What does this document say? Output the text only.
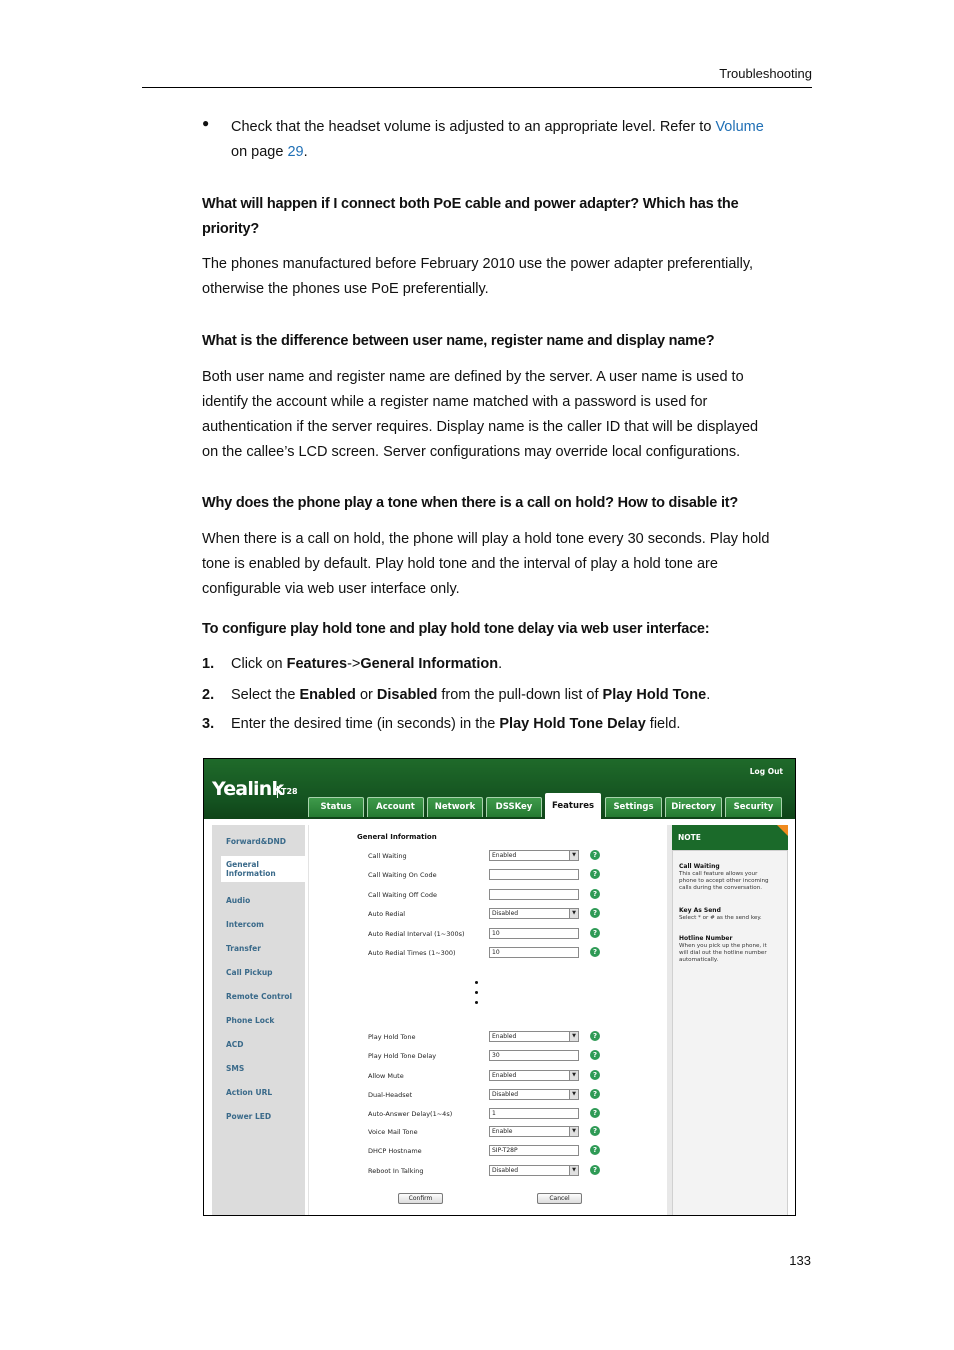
Troubleshooting
● Check that the headset volume is adjusted to an appropriate level. Refer to Volume
on page 29.
What will happen if I connect both PoE cable and power adapter? Which has the
priority?
The phones manufactured before February 2010 use the power adapter preferentially,
otherwise the phones use PoE preferentially.
What is the difference between user name, register name and display name?
Both user name and register name are defined by the server. A user name is used to
identify the account while a register name matched with a password is used for
authentication if the server requires. Display name is the caller ID that will be displayed
on the callee’s LCD screen. Server configurations may override local configurations.
Why does the phone play a tone when there is a call on hold? How to disable it?
When there is a call on hold, the phone will play a hold tone every 30 seconds. Play hold
tone is enabled by default. Play hold tone and the interval of play a hold tone are
configurable via web user interface only.
To configure play hold tone and play hold tone delay via web user interface:
1. Click on Features->General Information.
2. Select the Enabled or Disabled from the pull-down list of Play Hold Tone.
3. Enter the desired time (in seconds) in the Play Hold Tone Delay field.
Yealink
T28
Log Out
Status	Account	Network	DSSKey	Features	Settings	Directory	Security
Forward&DND
General
Information
Audio
Intercom
Transfer
Call Pickup
Remote Control
Phone Lock
ACD
SMS
Action URL
Power LED
General Information
Call Waiting	Enabled	▼	?
Call Waiting On Code	?
Call Waiting Off Code	?
Auto Redial	Disabled	▼	?
Auto Redial Interval (1~300s)	10	?
Auto Redial Times (1~300)	10	?
Play Hold Tone	Enabled	▼	?
Play Hold Tone Delay	30	?
Allow Mute	Enabled	▼	?
Dual-Headset	Disabled	▼	?
Auto-Answer Delay(1~4s)	1	?
Voice Mail Tone	Enable	▼	?
DHCP Hostname	SIP-T28P	?
Reboot In Talking	Disabled	▼	?
Confirm	Cancel
NOTE
Call Waiting
This call feature allows your
phone to accept other incoming
calls during the conversation.
Key As Send
Select * or # as the send key.
Hotline Number
When you pick up the phone, it
will dial out the hotline number
automatically.
133
